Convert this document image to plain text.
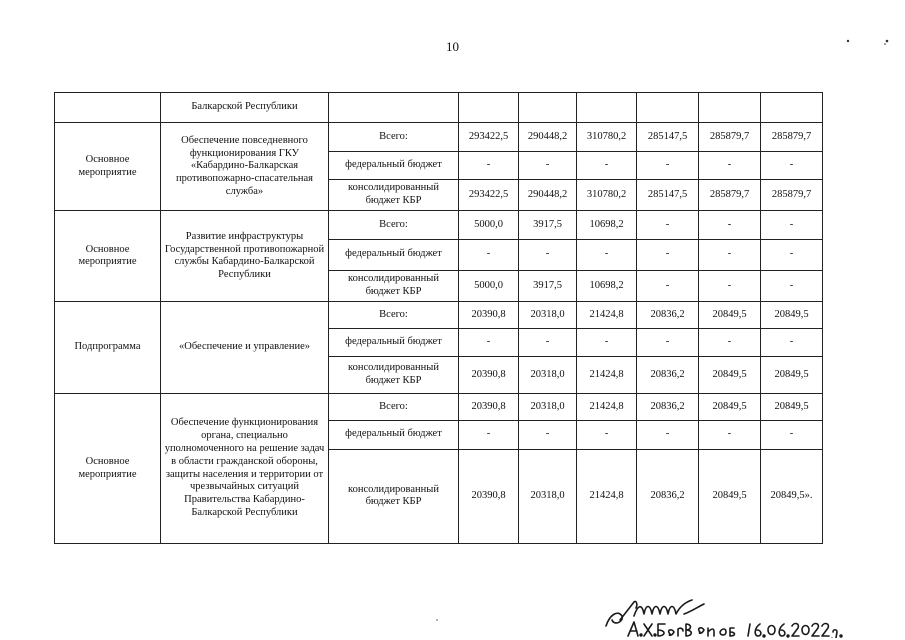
10
	Балкарской Республики							
Основное мероприятие	Обеспечение повседневного функционирования ГКУ «Кабардино-Балкарская противопожарно-спасательная служба»	Всего:	293422,5	290448,2	310780,2	285147,5	285879,7	285879,7
		федеральный бюджет	-	-	-	-	-	-
		консолидированный бюджет КБР	293422,5	290448,2	310780,2	285147,5	285879,7	285879,7
Основное мероприятие	Развитие инфраструктуры Государственной противопожарной службы Кабардино-Балкарской Республики	Всего:	5000,0	3917,5	10698,2	-	-	-
		федеральный бюджет	-	-	-	-	-	-
		консолидированный бюджет КБР	5000,0	3917,5	10698,2	-	-	-
Подпрограмма	«Обеспечение и управление»	Всего:	20390,8	20318,0	21424,8	20836,2	20849,5	20849,5
		федеральный бюджет	-	-	-	-	-	-
		консолидированный бюджет КБР	20390,8	20318,0	21424,8	20836,2	20849,5	20849,5
Основное мероприятие	Обеспечение функционирования органа, специально уполномоченного на решение задач в области гражданской обороны, защиты населения и территории от чрезвычайных ситуаций Правительства Кабардино-Балкарской Республики	Всего:	20390,8	20318,0	21424,8	20836,2	20849,5	20849,5
		федеральный бюджет	-	-	-	-	-	-
		консолидированный бюджет КБР	20390,8	20318,0	21424,8	20836,2	20849,5	20849,5».
